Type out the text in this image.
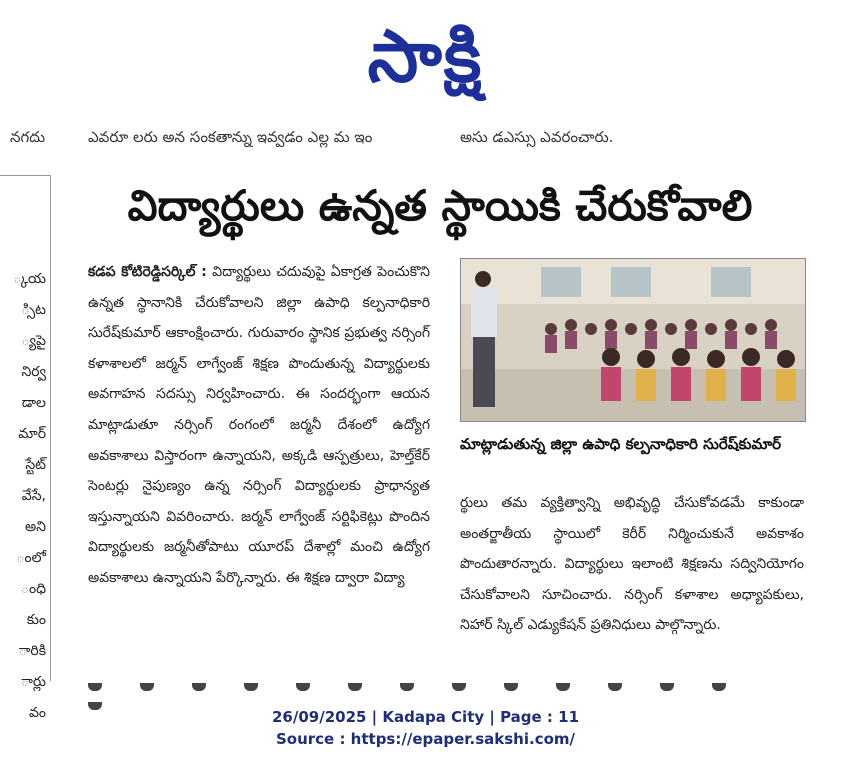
సాక్షి
నగదు	ఎవరూ లరు అన సంకతాన్ను ఇవ్వడం ఎల్ల మ ఇం	అసు డఎస్సు ఎవరంచారు.
్కయ
్సిట
్యపై
నిర్వ
డాల
మార్
స్టేట్
వేసే,
అని
ంలో
ంధి
కుం
ారికి
ార్లు
వం
విద్యార్థులు ఉన్నత స్థాయికి చేరుకోవాలి
కడప కోటిరెడ్డిసర్కిల్ : విద్యార్థులు చదువుపై ఏకాగ్రత పెంచుకొని ఉన్నత స్థానానికి చేరుకోవాలని జిల్లా ఉపాధి కల్పనాధికారి సురేష్‌కుమార్ ఆకాంక్షించారు. గురువారం స్థానిక ప్రభుత్వ నర్సింగ్ కళాశాలలో జర్మన్ లాగ్వేంజ్ శిక్షణ పొందుతున్న విద్యార్థులకు అవగాహన సదస్సు నిర్వహించారు. ఈ సందర్భంగా ఆయన మాట్లాడుతూ నర్సింగ్ రంగంలో జర్మనీ దేశంలో ఉద్యోగ అవకాశాలు విస్తారంగా ఉన్నాయని, అక్కడి ఆస్పత్రులు, హెల్త్‌కేర్ సెంటర్లు నైపుణ్యం ఉన్న నర్సింగ్ విద్యార్థులకు ప్రాధాన్యత ఇస్తున్నాయని వివరించారు. జర్మన్ లాగ్వేంజ్ సర్టిఫికెట్లు పొందిన విద్యార్థులకు జర్మనీతోపాటు యూరప్ దేశాల్లో మంచి ఉద్యోగ అవకాశాలు ఉన్నాయని పేర్కొన్నారు. ఈ శిక్షణ ద్వారా విద్యా
మాట్లాడుతున్న జిల్లా ఉపాధి కల్పనాధికారి సురేష్‌కుమార్
ర్థులు తమ వ్యక్తిత్వాన్ని అభివృద్ధి చేసుకోవడమే కాకుండా అంతర్జాతీయ స్థాయిలో కెరీర్ నిర్మించుకునే అవకాశం పొందుతారన్నారు. విద్యార్థులు ఇలాంటి శిక్షణను సద్వినియోగం చేసుకోవాలని సూచించారు. నర్సింగ్ కళాశాల అధ్యాపకులు, నిహార్ స్కిల్ ఎడ్యుకేషన్ ప్రతినిధులు పాల్గొన్నారు.
26/09/2025 | Kadapa City | Page : 11
Source : https://epaper.sakshi.com/
